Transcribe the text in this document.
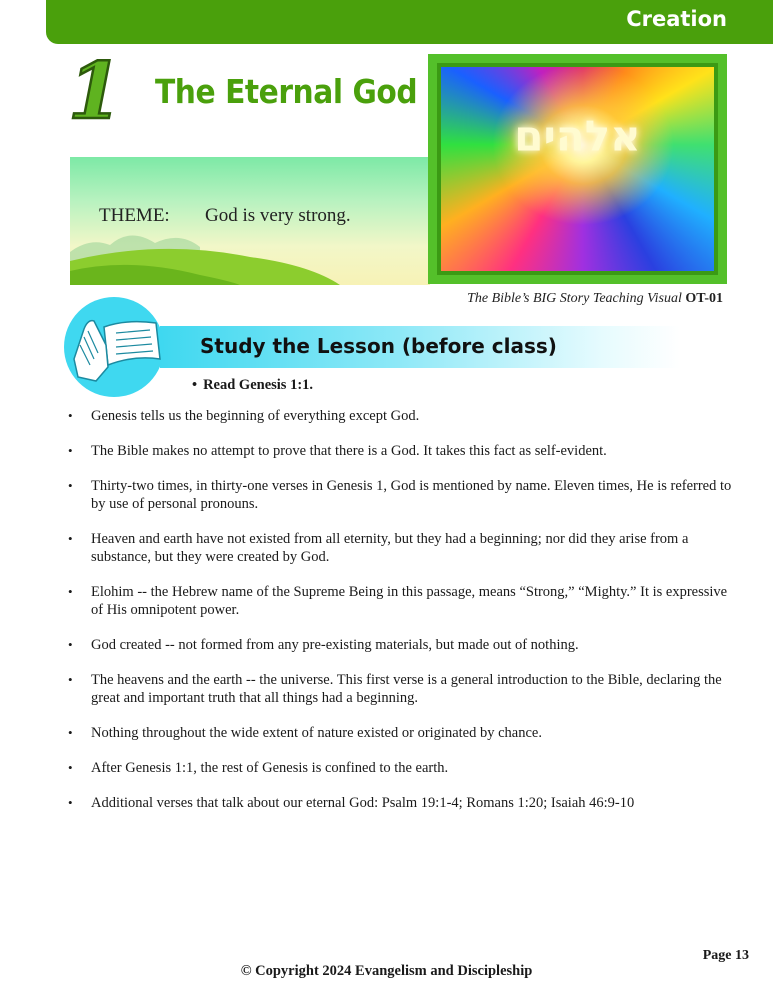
Creation
1 The Eternal God
THEME: God is very strong.
אלהים
The Bible’s BIG Story Teaching Visual OT-01
Study the Lesson (before class)
• Read Genesis 1:1.
• Genesis tells us the beginning of everything except God.
• The Bible makes no attempt to prove that there is a God. It takes this fact as self-evident.
• Thirty-two times, in thirty-one verses in Genesis 1, God is mentioned by name. Eleven times, He is referred to by use of personal pronouns.
• Heaven and earth have not existed from all eternity, but they had a beginning; nor did they arise from a substance, but they were created by God.
• Elohim -- the Hebrew name of the Supreme Being in this passage, means “Strong,” “Mighty.” It is expressive of His omnipotent power.
• God created -- not formed from any pre-existing materials, but made out of nothing.
• The heavens and the earth -- the universe. This first verse is a general introduction to the Bible, declaring the great and important truth that all things had a beginning.
• Nothing throughout the wide extent of nature existed or originated by chance.
• After Genesis 1:1, the rest of Genesis is confined to the earth.
• Additional verses that talk about our eternal God: Psalm 19:1-4; Romans 1:20; Isaiah 46:9-10
Page 13
© Copyright 2024 Evangelism and Discipleship
